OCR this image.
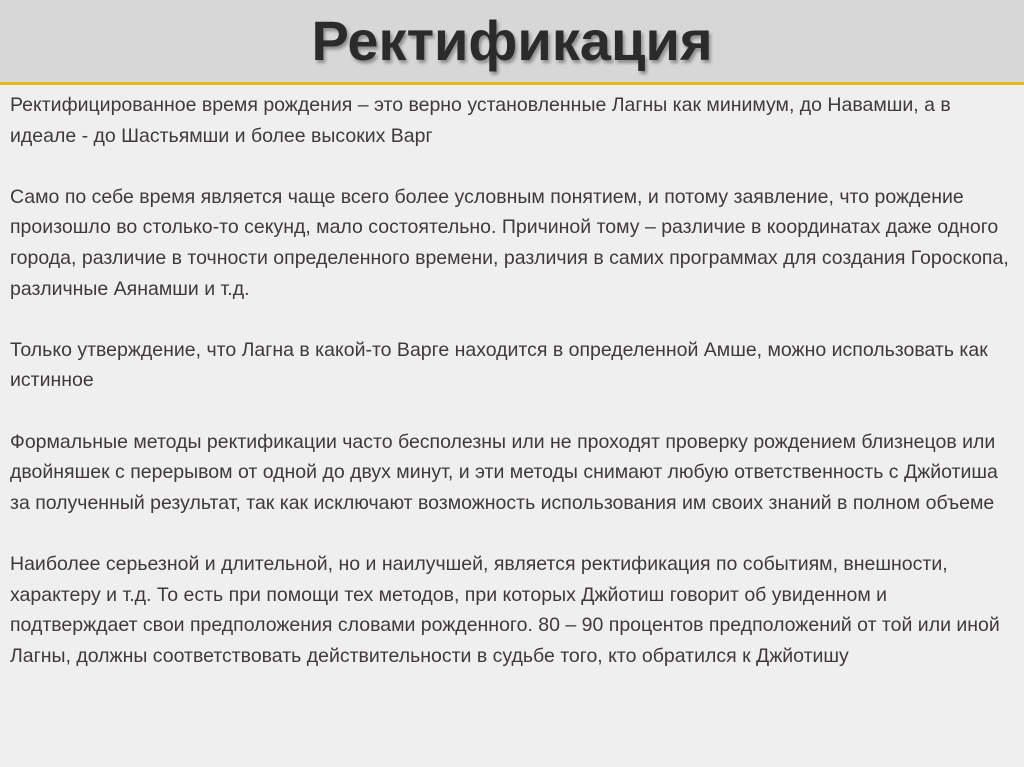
Ректификация

Ректифицированное время рождения – это верно установленные Лагны как минимум, до Навамши, а в идеале - до Шастьямши и более высоких Варг

Само по себе время является чаще всего более условным понятием, и потому заявление, что рождение произошло во столько-то секунд, мало состоятельно. Причиной тому – различие в координатах даже одного города, различие в точности определенного времени, различия в самих программах для создания Гороскопа, различные Аянамши и т.д.

Только утверждение, что Лагна в какой-то Варге находится в определенной Амше, можно использовать как истинное

Формальные методы ректификации часто бесполезны или не проходят проверку рождением близнецов или двойняшек с перерывом от одной до двух минут, и эти методы снимают любую ответственность с Джйотиша за полученный результат, так как исключают возможность использования им своих знаний в полном объеме

Наиболее серьезной и длительной, но и наилучшей, является ректификация по событиям, внешности, характеру и т.д. То есть при помощи тех методов, при которых Джйотиш говорит об увиденном и подтверждает свои предположения словами рожденного. 80 – 90 процентов предположений от той или иной Лагны, должны соответствовать действительности в судьбе того, кто обратился к Джйотишу
